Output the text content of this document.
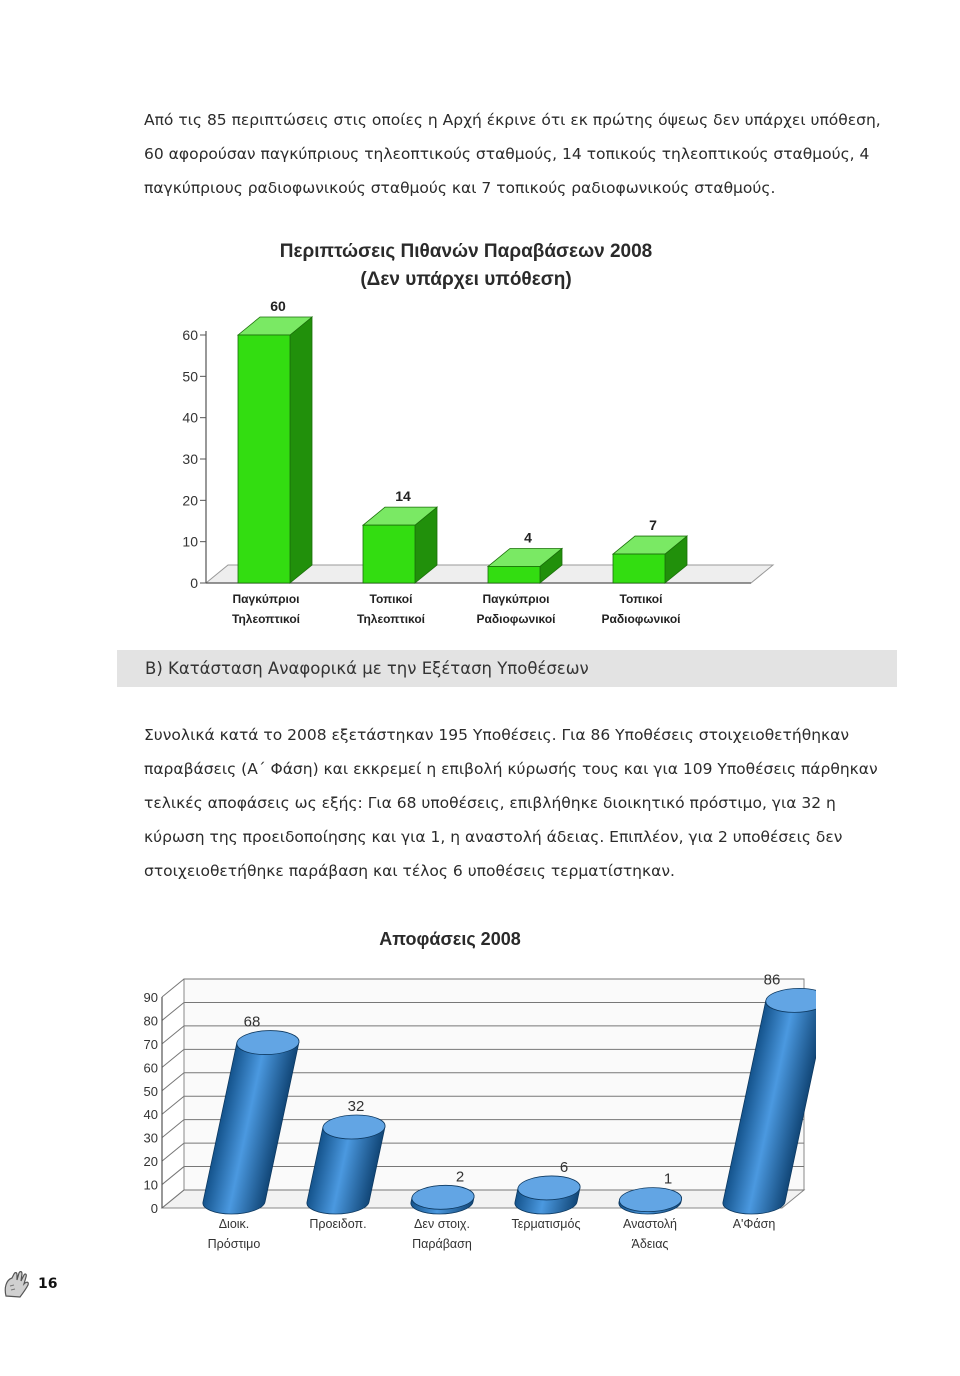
Από τις 85 περιπτώσεις στις οποίες η Αρχή έκρινε ότι εκ πρώτης όψεως δεν υπάρχει υπόθεση,
60 αφορούσαν παγκύπριους τηλεοπτικούς σταθμούς, 14 τοπικούς τηλεοπτικούς σταθμούς, 4
παγκύπριους ραδιοφωνικούς σταθμούς και 7 τοπικούς ραδιοφωνικούς σταθμούς.
Περιπτώσεις Πιθανών Παραβάσεων 2008
(Δεν υπάρχει υπόθεση)
0
10
20
30
40
50
60
60
Παγκύπριοι
Τηλεοπτικοί
14
Τοπικοί
Τηλεοπτικοί
4
Παγκύπριοι
Ραδιοφωνικοί
7
Τοπικοί
Ραδιοφωνικοί
Β) Κατάσταση Αναφορικά με την Εξέταση Υποθέσεων
Συνολικά κατά το 2008 εξετάστηκαν 195 Υποθέσεις. Για 86 Υποθέσεις στοιχειοθετήθηκαν
παραβάσεις (Α΄ Φάση) και εκκρεμεί η επιβολή κύρωσής τους και για 109 Υποθέσεις πάρθηκαν
τελικές αποφάσεις ως εξής: Για 68 υποθέσεις, επιβλήθηκε διοικητικό πρόστιμο, για 32 η
κύρωση της προειδοποίησης και για 1, η αναστολή άδειας. Επιπλέον, για 2 υποθέσεις δεν
στοιχειοθετήθηκε παράβαση και τέλος 6 υποθέσεις τερματίστηκαν.
Αποφάσεις 2008
0
10
20
30
40
50
60
70
80
90
68
Διοικ.
Πρόστιμο
32
Προειδοπ.
2
Δεν στοιχ.
Παράβαση
6
Τερματισμός
1
Αναστολή
Άδειας
86
Α'Φάση
16
